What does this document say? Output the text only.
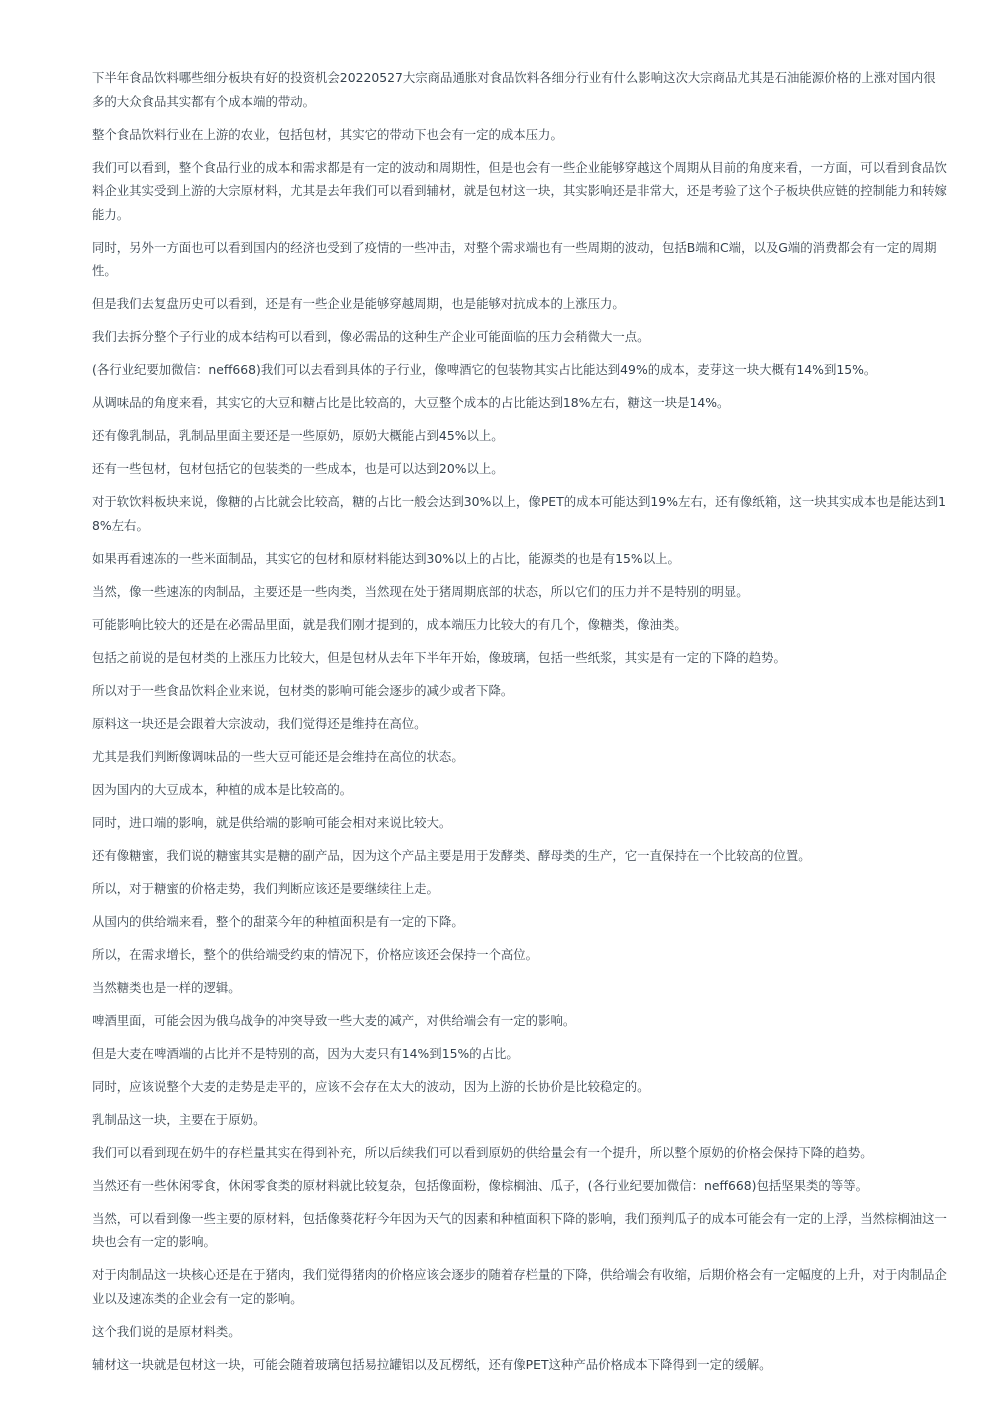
下半年食品饮料哪些细分板块有好的投资机会20220527大宗商品通胀对食品饮料各细分行业有什么影响这次大宗商品尤其是石油能源价格的上涨对国内很多的大众食品其实都有个成本端的带动。

整个食品饮料行业在上游的农业，包括包材，其实它的带动下也会有一定的成本压力。

我们可以看到，整个食品行业的成本和需求都是有一定的波动和周期性，但是也会有一些企业能够穿越这个周期从目前的角度来看，一方面，可以看到食品饮料企业其实受到上游的大宗原材料，尤其是去年我们可以看到辅材，就是包材这一块，其实影响还是非常大，还是考验了这个子板块供应链的控制能力和转嫁能力。

同时，另外一方面也可以看到国内的经济也受到了疫情的一些冲击，对整个需求端也有一些周期的波动，包括B端和C端，以及G端的消费都会有一定的周期性。

但是我们去复盘历史可以看到，还是有一些企业是能够穿越周期，也是能够对抗成本的上涨压力。

我们去拆分整个子行业的成本结构可以看到，像必需品的这种生产企业可能面临的压力会稍微大一点。

(各行业纪要加微信：neff668)我们可以去看到具体的子行业，像啤酒它的包装物其实占比能达到49%的成本，麦芽这一块大概有14%到15%。

从调味品的角度来看，其实它的大豆和糖占比是比较高的，大豆整个成本的占比能达到18%左右，糖这一块是14%。

还有像乳制品，乳制品里面主要还是一些原奶，原奶大概能占到45%以上。

还有一些包材，包材包括它的包装类的一些成本，也是可以达到20%以上。

对于软饮料板块来说，像糖的占比就会比较高，糖的占比一般会达到30%以上，像PET的成本可能达到19%左右，还有像纸箱，这一块其实成本也是能达到18%左右。

如果再看速冻的一些米面制品，其实它的包材和原材料能达到30%以上的占比，能源类的也是有15%以上。

当然，像一些速冻的肉制品，主要还是一些肉类，当然现在处于猪周期底部的状态，所以它们的压力并不是特别的明显。

可能影响比较大的还是在必需品里面，就是我们刚才提到的，成本端压力比较大的有几个，像糖类，像油类。

包括之前说的是包材类的上涨压力比较大，但是包材从去年下半年开始，像玻璃，包括一些纸浆，其实是有一定的下降的趋势。

所以对于一些食品饮料企业来说，包材类的影响可能会逐步的减少或者下降。

原料这一块还是会跟着大宗波动，我们觉得还是维持在高位。

尤其是我们判断像调味品的一些大豆可能还是会维持在高位的状态。

因为国内的大豆成本，种植的成本是比较高的。

同时，进口端的影响，就是供给端的影响可能会相对来说比较大。

还有像糖蜜，我们说的糖蜜其实是糖的副产品，因为这个产品主要是用于发酵类、酵母类的生产，它一直保持在一个比较高的位置。

所以，对于糖蜜的价格走势，我们判断应该还是要继续往上走。

从国内的供给端来看，整个的甜菜今年的种植面积是有一定的下降。

所以，在需求增长，整个的供给端受约束的情况下，价格应该还会保持一个高位。

当然糖类也是一样的逻辑。

啤酒里面，可能会因为俄乌战争的冲突导致一些大麦的减产，对供给端会有一定的影响。

但是大麦在啤酒端的占比并不是特别的高，因为大麦只有14%到15%的占比。

同时，应该说整个大麦的走势是走平的，应该不会存在太大的波动，因为上游的长协价是比较稳定的。

乳制品这一块，主要在于原奶。

我们可以看到现在奶牛的存栏量其实在得到补充，所以后续我们可以看到原奶的供给量会有一个提升，所以整个原奶的价格会保持下降的趋势。

当然还有一些休闲零食，休闲零食类的原材料就比较复杂，包括像面粉，像棕榈油、瓜子，(各行业纪要加微信：neff668)包括坚果类的等等。

当然，可以看到像一些主要的原材料，包括像葵花籽今年因为天气的因素和种植面积下降的影响，我们预判瓜子的成本可能会有一定的上浮，当然棕榈油这一块也会有一定的影响。

对于肉制品这一块核心还是在于猪肉，我们觉得猪肉的价格应该会逐步的随着存栏量的下降，供给端会有收缩，后期价格会有一定幅度的上升，对于肉制品企业以及速冻类的企业会有一定的影响。

这个我们说的是原材料类。

辅材这一块就是包材这一块，可能会随着玻璃包括易拉罐铝以及瓦楞纸，还有像PET这种产品价格成本下降得到一定的缓解。
